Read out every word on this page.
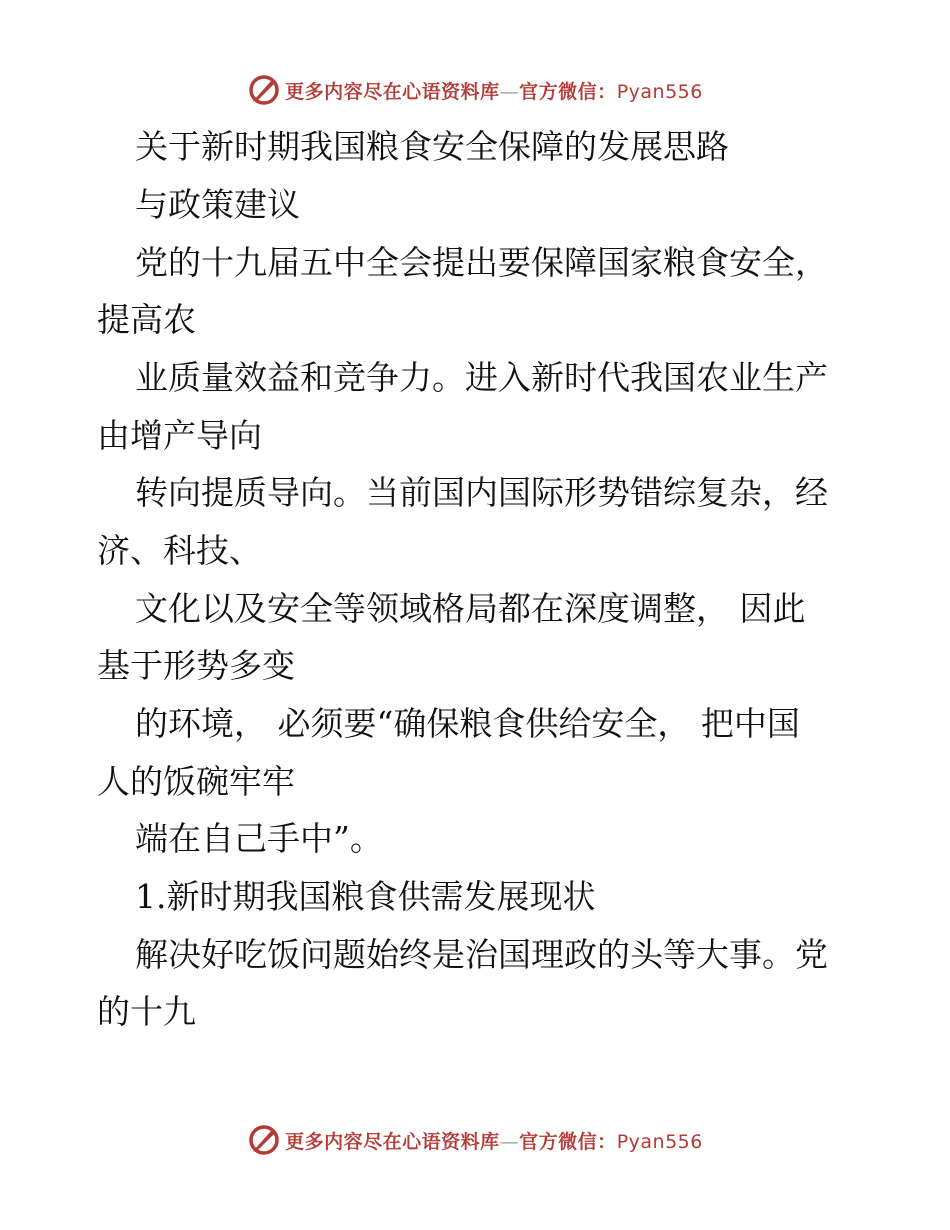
更多内容尽在心语资料库—官方微信：Pyan556
关于新时期我国粮食安全保障的发展思路
与政策建议
党的十九届五中全会提出要保障国家粮食安全，
提高农
业质量效益和竞争力。进入新时代我国农业生产
由增产导向
转向提质导向。当前国内国际形势错综复杂，经
济、科技、
文化以及安全等领域格局都在深度调整， 因此
基于形势多变
的环境， 必须要“确保粮食供给安全， 把中国
人的饭碗牢牢
端在自己手中”。
1.新时期我国粮食供需发展现状
解决好吃饭问题始终是治国理政的头等大事。党
的十九
更多内容尽在心语资料库—官方微信：Pyan556
